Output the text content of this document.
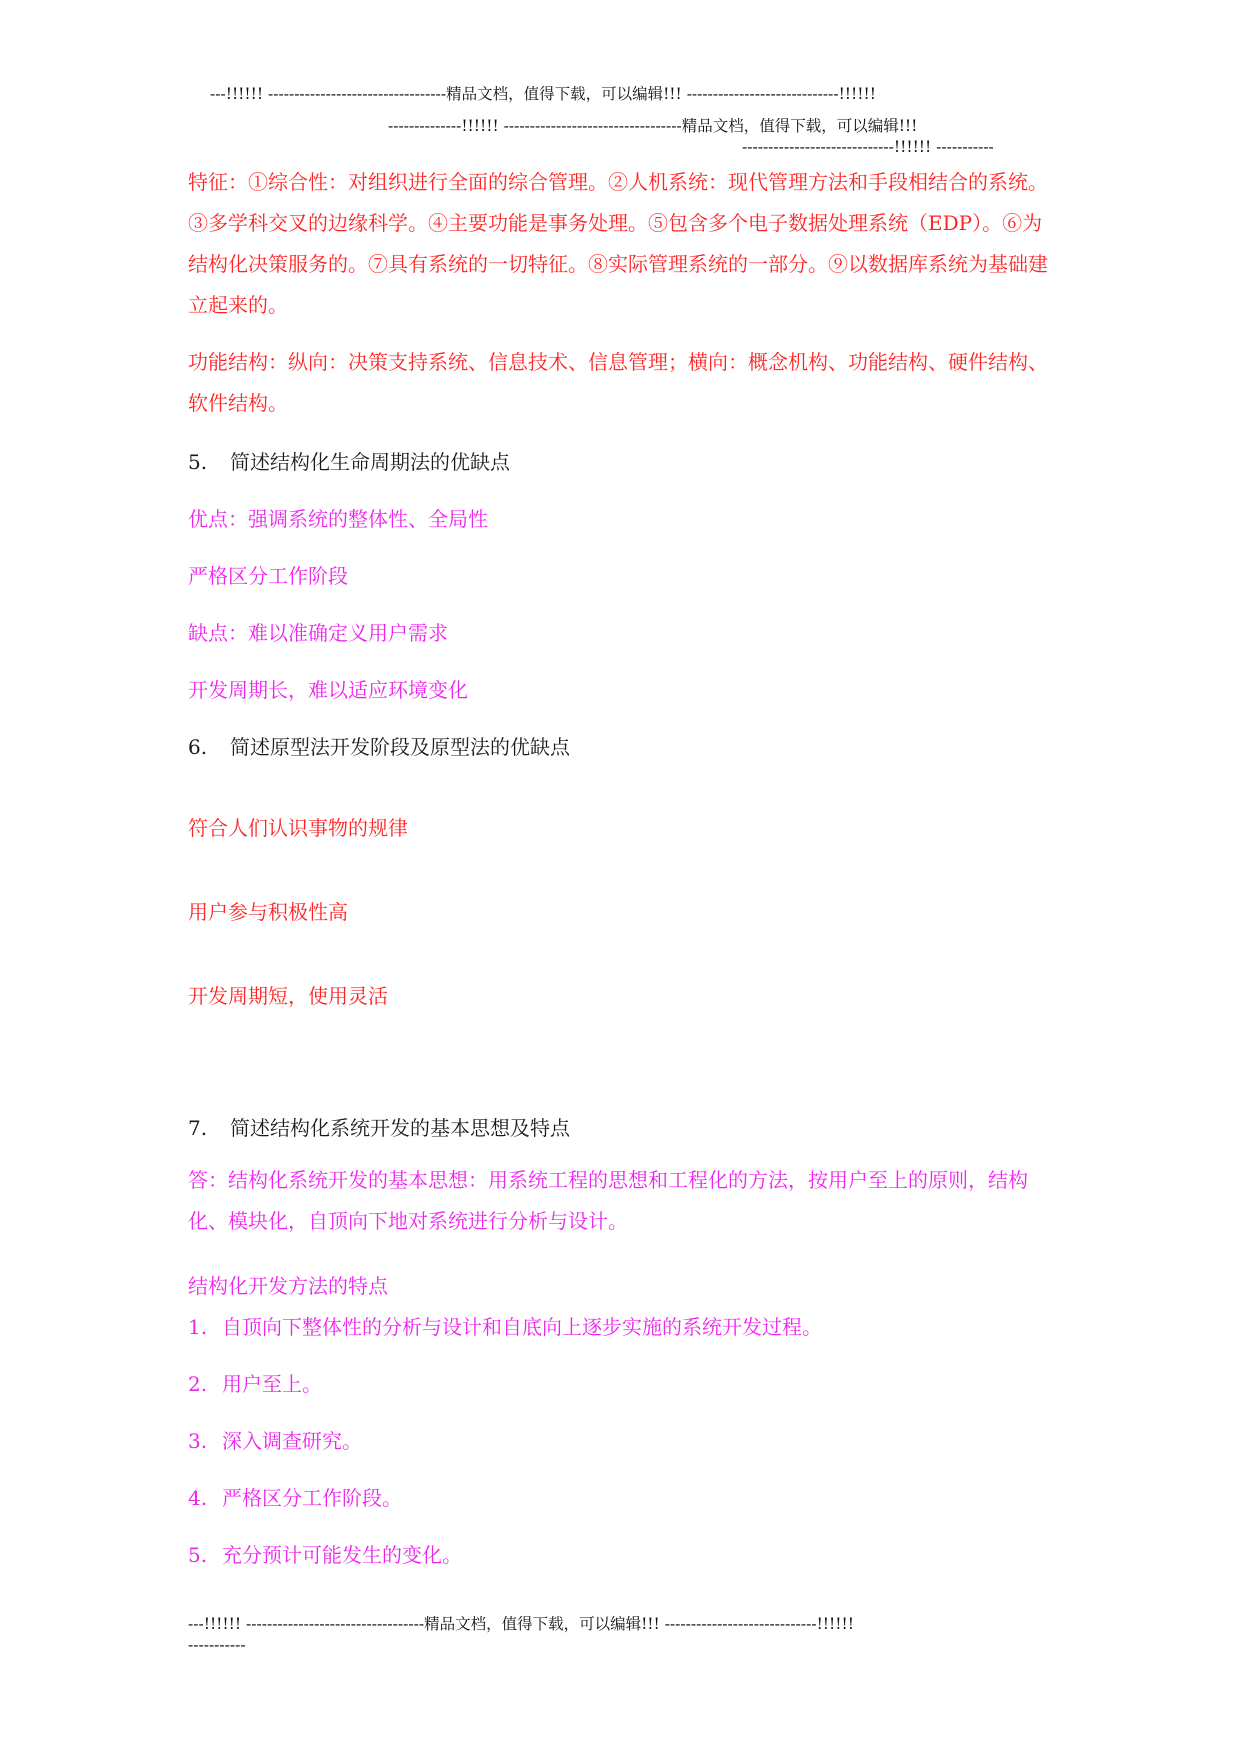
---!!!!!! ----------------------------------精品文档，值得下载，可以编辑!!! -----------------------------!!!!!!
--------------!!!!!! ----------------------------------精品文档，值得下载，可以编辑!!!
-----------------------------!!!!!! -----------
特征：①综合性：对组织进行全面的综合管理。②人机系统：现代管理方法和手段相结合的系统。③多学科交叉的边缘科学。④主要功能是事务处理。⑤包含多个电子数据处理系统（EDP）。⑥为结构化决策服务的。⑦具有系统的一切特征。⑧实际管理系统的一部分。⑨以数据库系统为基础建立起来的。
功能结构：纵向：决策支持系统、信息技术、信息管理；横向：概念机构、功能结构、硬件结构、软件结构。
5. 简述结构化生命周期法的优缺点
优点：强调系统的整体性、全局性
严格区分工作阶段
缺点：难以准确定义用户需求
开发周期长，难以适应环境变化
6. 简述原型法开发阶段及原型法的优缺点
符合人们认识事物的规律
用户参与积极性高
开发周期短，使用灵活
7. 简述结构化系统开发的基本思想及特点
答：结构化系统开发的基本思想：用系统工程的思想和工程化的方法，按用户至上的原则，结构化、模块化，自顶向下地对系统进行分析与设计。
结构化开发方法的特点
1. 自顶向下整体性的分析与设计和自底向上逐步实施的系统开发过程。
2. 用户至上。
3. 深入调查研究。
4. 严格区分工作阶段。
5. 充分预计可能发生的变化。
---!!!!!! ----------------------------------精品文档，值得下载，可以编辑!!! -----------------------------!!!!!!
-----------
